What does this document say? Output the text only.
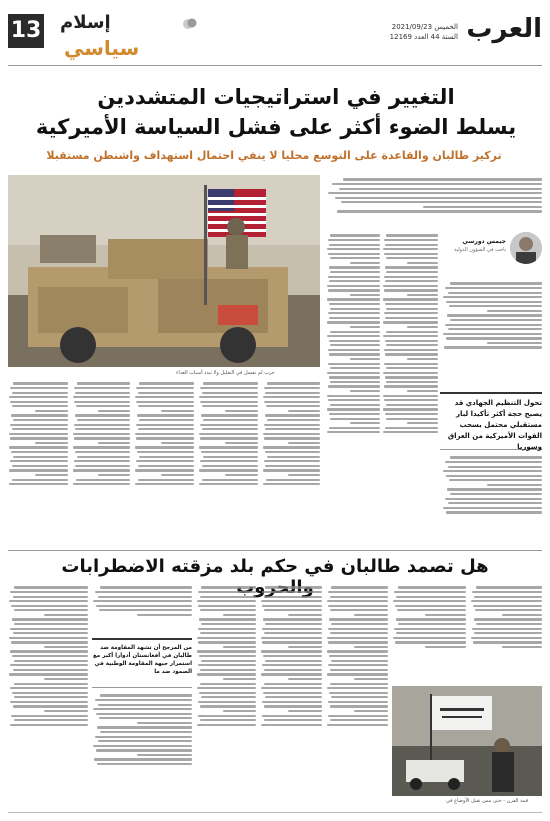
13 إسلام
سياسي
الخميس 2021/09/23
السنة 44 العدد 12169 العرب
التغيير في استراتيجيات المتشددين
يسلط الضوء أكثر على فشل السياسة الأميركية
تركيز طالبان والقاعدة على التوسع محليا لا ينفي احتمال استهداف واشنطن مستقبلا
حرب لم تفشل في التقليل ولا تبدد أسباب العداء
جيمس دورسي
باحث في الشؤون الدولية
تحول التنظيم الجهادي قد يصبح حجة أكثر تأكيدا لبار مستقبلي محتمل بسحب القوات الأميركية من العراق وسوريا
هل تصمد طالبان في حكم بلد مزقته الاضطرابات
من المرجح أن تشهد المقاومة ضد طالبان في أفغانستان أدوارا أكبر مع استمرار جبهة المقاومة الوطنية في الصمود ضد ما
قمة الفرن - حتى ممن تقبل الأوضاع في
